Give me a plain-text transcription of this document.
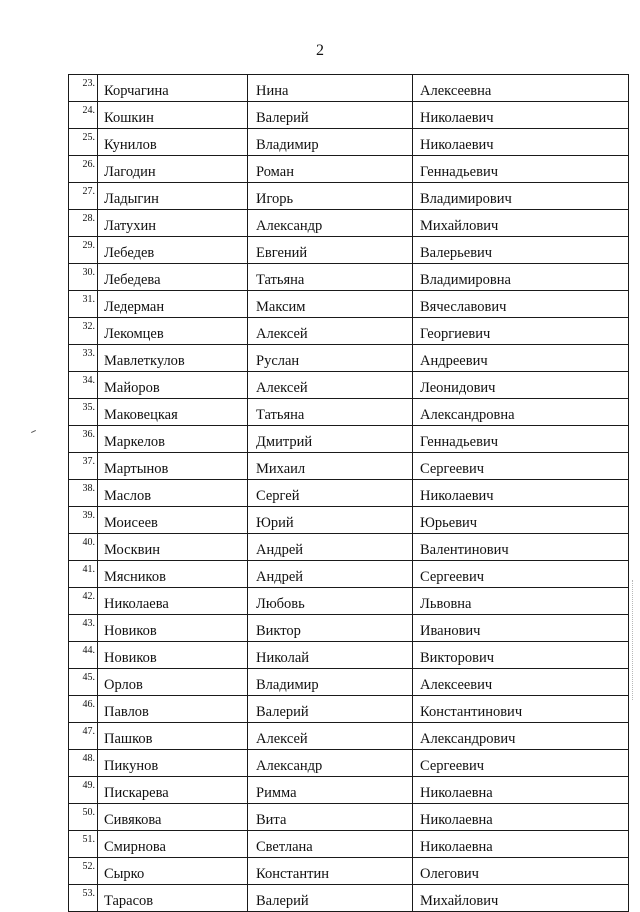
2
23.	Корчагина	Нина	Алексеевна
24.	Кошкин	Валерий	Николаевич
25.	Кунилов	Владимир	Николаевич
26.	Лагодин	Роман	Геннадьевич
27.	Ладыгин	Игорь	Владимирович
28.	Латухин	Александр	Михайлович
29.	Лебедев	Евгений	Валерьевич
30.	Лебедева	Татьяна	Владимировна
31.	Ледерман	Максим	Вячеславович
32.	Лекомцев	Алексей	Георгиевич
33.	Мавлеткулов	Руслан	Андреевич
34.	Майоров	Алексей	Леонидович
35.	Маковецкая	Татьяна	Александровна
36.	Маркелов	Дмитрий	Геннадьевич
37.	Мартынов	Михаил	Сергеевич
38.	Маслов	Сергей	Николаевич
39.	Моисеев	Юрий	Юрьевич
40.	Москвин	Андрей	Валентинович
41.	Мясников	Андрей	Сергеевич
42.	Николаева	Любовь	Львовна
43.	Новиков	Виктор	Иванович
44.	Новиков	Николай	Викторович
45.	Орлов	Владимир	Алексеевич
46.	Павлов	Валерий	Константинович
47.	Пашков	Алексей	Александрович
48.	Пикунов	Александр	Сергеевич
49.	Пискарева	Римма	Николаевна
50.	Сивякова	Вита	Николаевна
51.	Смирнова	Светлана	Николаевна
52.	Сырко	Константин	Олегович
53.	Тарасов	Валерий	Михайлович
